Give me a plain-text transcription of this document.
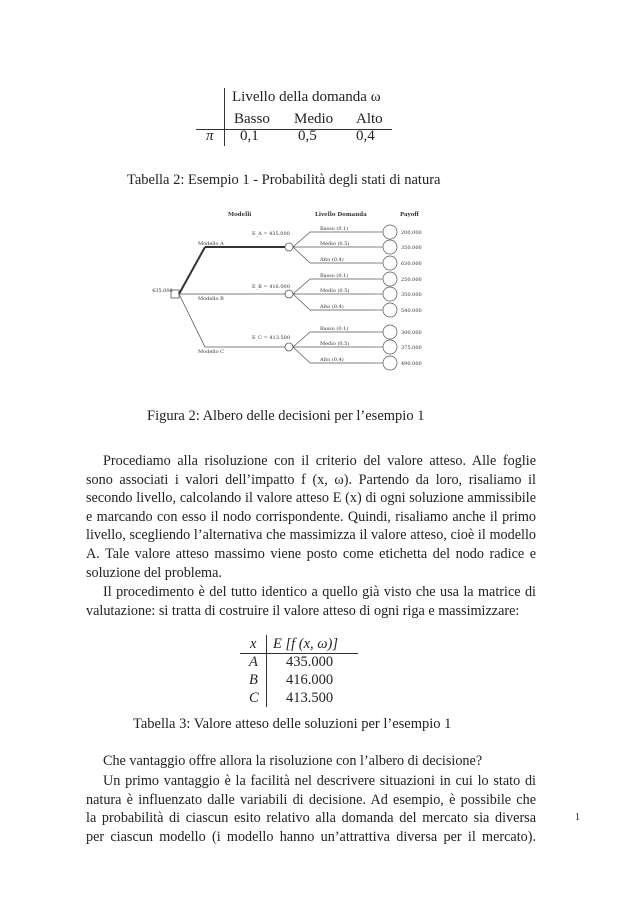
Livello della domanda ω
Basso Medio Alto
π 0,1	0,5	0,4
Tabella 2: Esempio 1 - Probabilità degli stati di natura
Modelli	Livello Domanda	Payoff
435.000
Modello A
Modello B
Modello C
E_A = 435.000
E_B = 416.000
E_C = 413.500
Basso (0.1)
Medio (0.5)
Alto (0.4)
Basso (0.1)
Medio (0.5)
Alto (0.4)
Basso (0.1)
Medio (0.5)
Alto (0.4)
200.000
350.000
630.000
250.000
350.000
540.000
300.000
375.000
490.000
Figura 2: Albero delle decisioni per l’esempio 1
Procediamo alla risoluzione con il criterio del valore atteso. Alle foglie
sono associati i valori dell’impatto f (x, ω). Partendo da loro, risaliamo il
secondo livello, calcolando il valore atteso E (x) di ogni soluzione ammissibile
e marcando con esso il nodo corrispondente. Quindi, risaliamo anche il primo
livello, scegliendo l’alternativa che massimizza il valore atteso, cioè il modello
A. Tale valore atteso massimo viene posto come etichetta del nodo radice e
soluzione del problema.
Il procedimento è del tutto identico a quello già visto che usa la matrice di
valutazione: si tratta di costruire il valore atteso di ogni riga e massimizzare:
x E [f (x, ω)]
A 435.000
B 416.000
C 413.500
Tabella 3: Valore atteso delle soluzioni per l’esempio 1
Che vantaggio offre allora la risoluzione con l’albero di decisione?
Un primo vantaggio è la facilità nel descrivere situazioni in cui lo stato di
natura è influenzato dalle variabili di decisione. Ad esempio, è possibile che
la probabilità di ciascun esito relativo alla domanda del mercato sia diversa
per ciascun modello (i modello hanno un’attrattiva diversa per il mercato).
1
